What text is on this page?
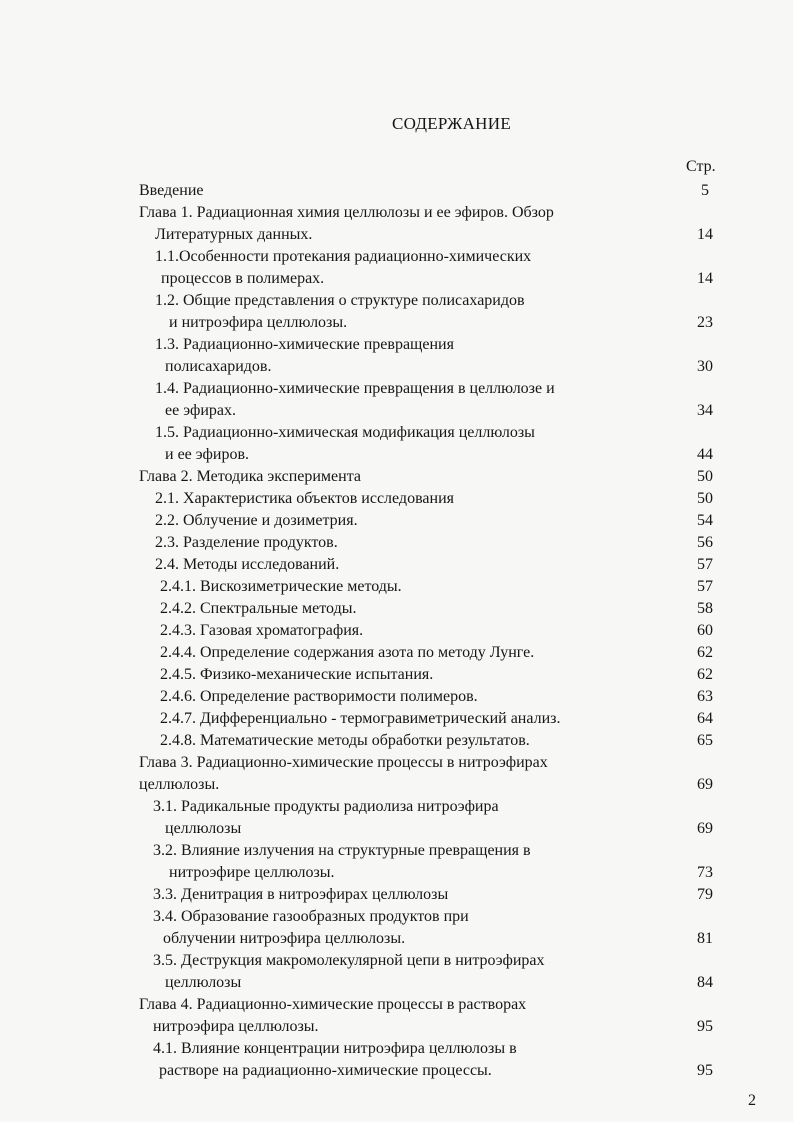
СОДЕРЖАНИЕ
Стр.
Введение	5
Глава 1. Радиационная химия целлюлозы и ее эфиров. Обзор
Литературных данных.	14
1.1.Особенности протекания радиационно-химических
процессов в полимерах.	14
1.2. Общие представления о структуре полисахаридов
и нитроэфира целлюлозы.	23
1.3. Радиационно-химические превращения
полисахаридов.	30
1.4. Радиационно-химические превращения в целлюлозе и
ее эфирах.	34
1.5. Радиационно-химическая модификация целлюлозы
и ее эфиров.	44
Глава 2. Методика эксперимента	50
2.1. Характеристика объектов исследования	50
2.2. Облучение и дозиметрия.	54
2.3. Разделение продуктов.	56
2.4. Методы исследований.	57
2.4.1. Вискозиметрические методы.	57
2.4.2. Спектральные методы.	58
2.4.3. Газовая хроматография.	60
2.4.4. Определение содержания азота по методу Лунге.	62
2.4.5. Физико-механические испытания.	62
2.4.6. Определение растворимости полимеров.	63
2.4.7. Дифференциально - термогравиметрический анализ.	64
2.4.8. Математические методы обработки результатов.	65
Глава 3. Радиационно-химические процессы в нитроэфирах
целлюлозы.	69
3.1. Радикальные продукты радиолиза нитроэфира
целлюлозы	69
3.2. Влияние излучения на структурные превращения в
нитроэфире целлюлозы.	73
3.3. Денитрация в нитроэфирах целлюлозы	79
3.4. Образование газообразных продуктов при
облучении нитроэфира целлюлозы.	81
3.5. Деструкция макромолекулярной цепи в нитроэфирах
целлюлозы	84
Глава 4. Радиационно-химические процессы в растворах
нитроэфира целлюлозы.	95
4.1. Влияние концентрации нитроэфира целлюлозы в
растворе на радиационно-химические процессы.	95
2
